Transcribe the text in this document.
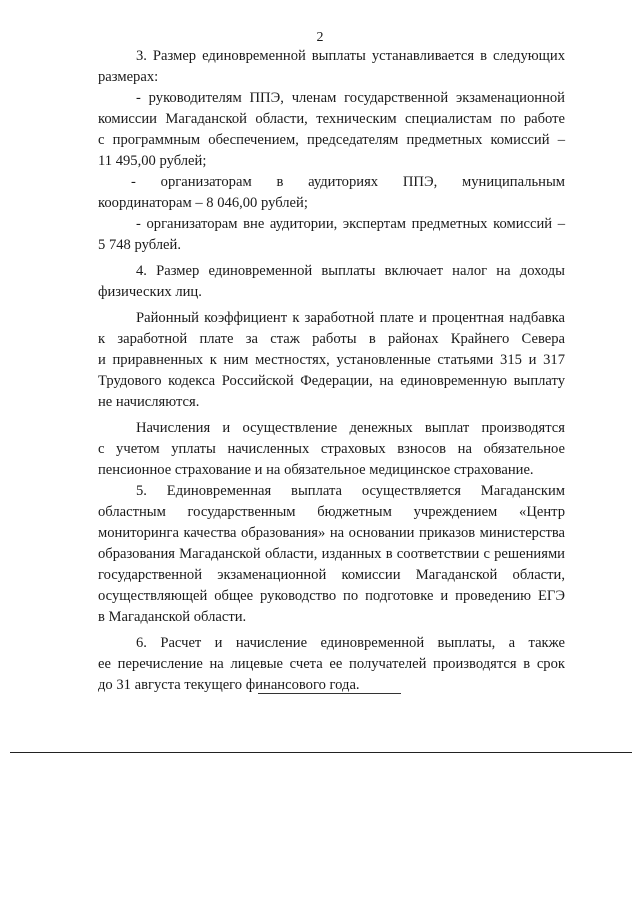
2
3. Размер единовременной выплаты устанавливается в следующих
размерах:
- руководителям ППЭ, членам государственной экзаменационной
комиссии Магаданской области, техническим специалистам по работе
с программным обеспечением, председателям предметных комиссий –
11 495,00 рублей;
- организаторам в аудиториях ППЭ, муниципальным
координаторам – 8 046,00 рублей;
- организаторам вне аудитории, экспертам предметных комиссий –
5 748 рублей.
4. Размер единовременной выплаты включает налог на доходы
физических лиц.
Районный коэффициент к заработной плате и процентная надбавка
к заработной плате за стаж работы в районах Крайнего Севера
и приравненных к ним местностях, установленные статьями 315 и 317
Трудового кодекса Российской Федерации, на единовременную выплату
не начисляются.
Начисления и осуществление денежных выплат производятся
с учетом уплаты начисленных страховых взносов на обязательное
пенсионное страхование и на обязательное медицинское страхование.
5. Единовременная выплата осуществляется Магаданским
областным государственным бюджетным учреждением «Центр
мониторинга качества образования» на основании приказов министерства
образования Магаданской области, изданных в соответствии с решениями
государственной экзаменационной комиссии Магаданской области,
осуществляющей общее руководство по подготовке и проведению ЕГЭ
в Магаданской области.
6. Расчет и начисление единовременной выплаты, а также
ее перечисление на лицевые счета ее получателей производятся в срок
до 31 августа текущего финансового года.
